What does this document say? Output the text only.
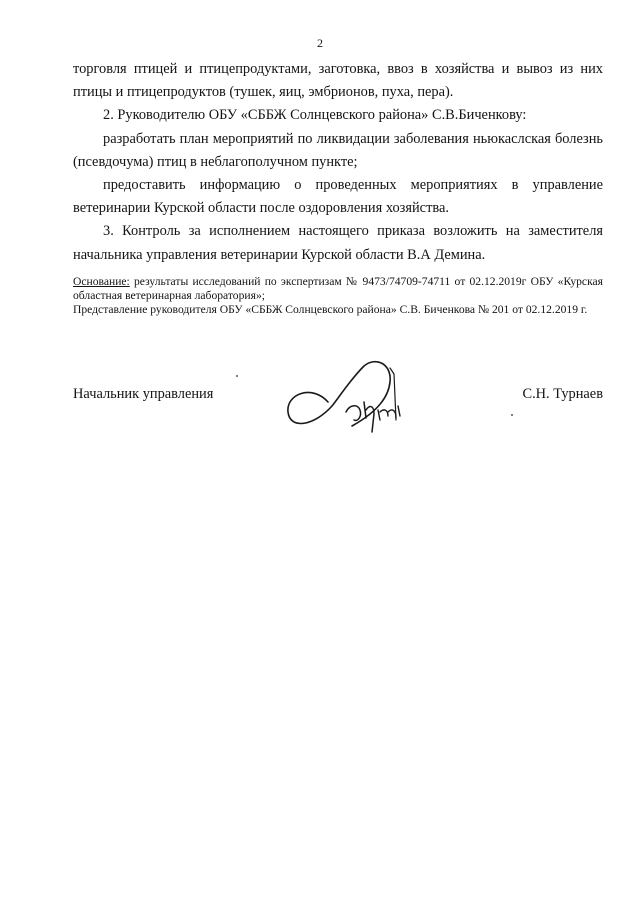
2

торговля птицей и птицепродуктами, заготовка, ввоз в хозяйства и вывоз из них птицы и птицепродуктов (тушек, яиц, эмбрионов, пуха, пера).

2. Руководителю ОБУ «СББЖ Солнцевского района» С.В.Биченкову:

разработать план мероприятий по ликвидации заболевания ньюкаслская болезнь (псевдочума) птиц в неблагополучном пункте;

предоставить информацию о проведенных мероприятиях в управление ветеринарии Курской области после оздоровления хозяйства.

3. Контроль за исполнением настоящего приказа возложить на заместителя начальника управления ветеринарии Курской области В.А Демина.

Основание: результаты исследований по экспертизам № 9473/74709-74711 от 02.12.2019г ОБУ «Курская областная ветеринарная лаборатория»;

Представление руководителя ОБУ «СББЖ Солнцевского района» С.В. Биченкова № 201 от 02.12.2019 г.

Начальник управления	С.Н. Турнаев
